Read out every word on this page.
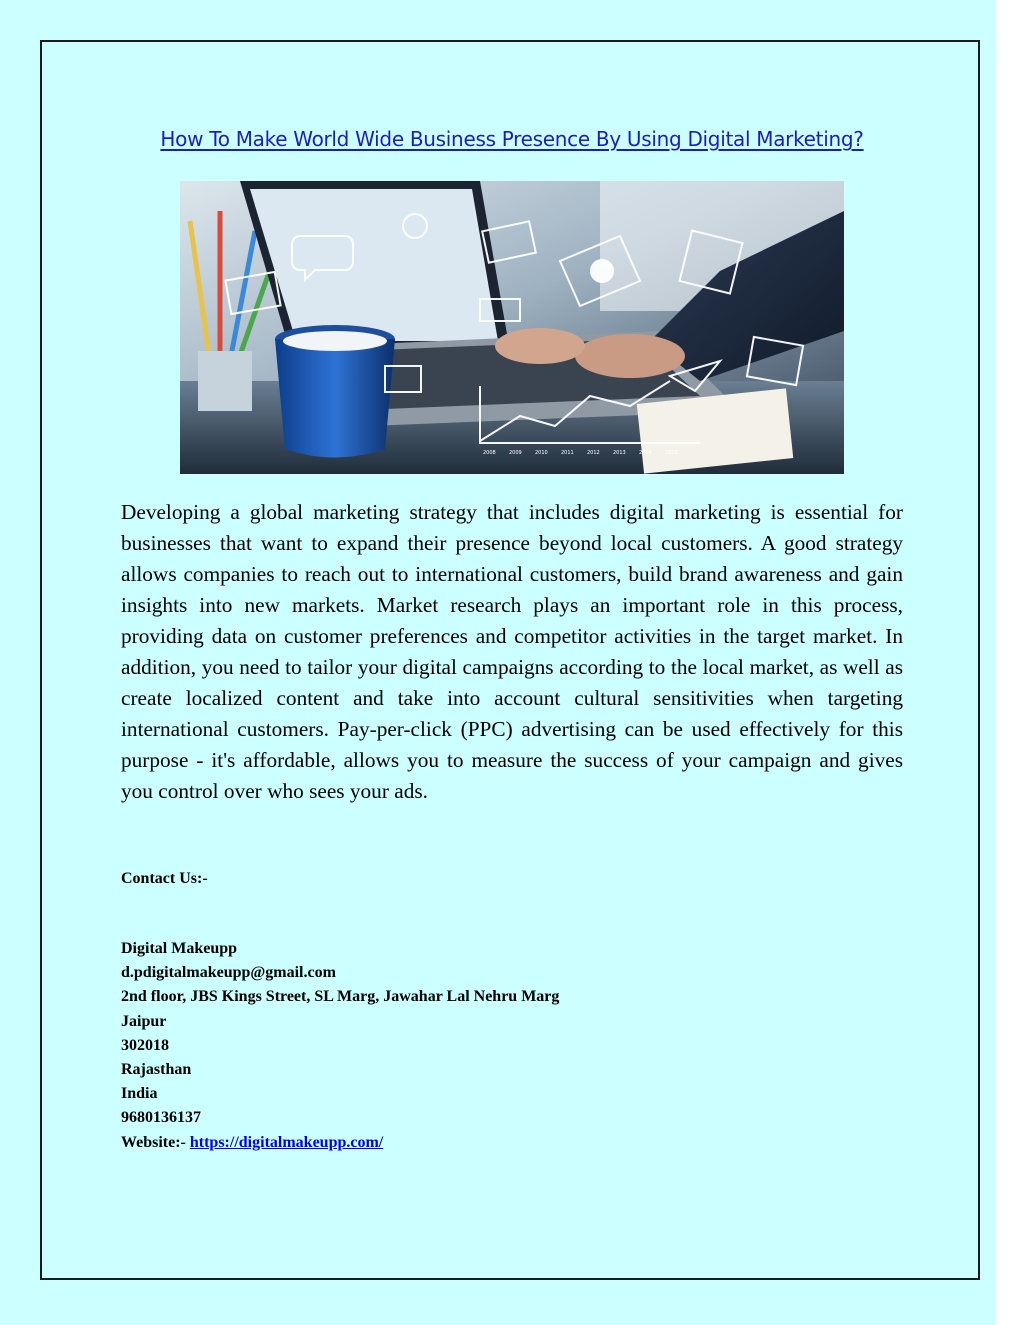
How To Make World Wide Business Presence By Using Digital Marketing?
2008	2009	2010	2011	2012	2013	2014	2015

Developing a global marketing strategy that includes digital marketing is essential for businesses that want to expand their presence beyond local customers. A good strategy allows companies to reach out to international customers, build brand awareness and gain insights into new markets. Market research plays an important role in this process, providing data on customer preferences and competitor activities in the target market. In addition, you need to tailor your digital campaigns according to the local market, as well as create localized content and take into account cultural sensitivities when targeting international customers. Pay-per-click (PPC) advertising can be used effectively for this purpose - it's affordable, allows you to measure the success of your campaign and gives you control over who sees your ads.

Contact Us:-
Digital Makeupp
d.pdigitalmakeupp@gmail.com
2nd floor, JBS Kings Street, SL Marg, Jawahar Lal Nehru Marg
Jaipur
302018
Rajasthan
India
9680136137
Website:- https://digitalmakeupp.com/
